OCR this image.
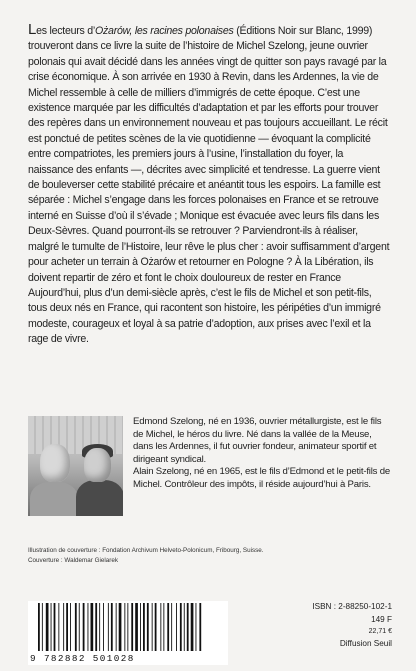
Les lecteurs d’Ożarów, les racines polonaises (Éditions Noir sur Blanc, 1999) trouveront dans ce livre la suite de l’histoire de Michel Szelong, jeune ouvrier polonais qui avait décidé dans les années vingt de quitter son pays ravagé par la crise économique. À son arrivée en 1930 à Revin, dans les Ardennes, la vie de Michel ressemble à celle de milliers d’immigrés de cette époque. C’est une existence marquée par les difficultés d’adaptation et par les efforts pour trouver des repères dans un environnement nouveau et pas toujours accueillant. Le récit est ponctué de petites scènes de la vie quotidienne — évoquant la complicité entre compatriotes, les premiers jours à l’usine, l’installation du foyer, la naissance des enfants —, décrites avec simplicité et tendresse. La guerre vient de bouleverser cette stabilité précaire et anéantit tous les espoirs. La famille est séparée : Michel s’engage dans les forces polonaises en France et se retrouve interné en Suisse d’où il s’évade ; Monique est évacuée avec leurs fils dans les Deux-Sèvres. Quand pourront-ils se retrouver ? Parviendront-ils à réaliser, malgré le tumulte de l’Histoire, leur rêve le plus cher : avoir suffisamment d’argent pour acheter un terrain à Ożarów et retourner en Pologne ? À la Libération, ils doivent repartir de zéro et font le choix douloureux de rester en France

Aujourd’hui, plus d’un demi-siècle après, c’est le fils de Michel et son petit-fils, tous deux nés en France, qui racontent son histoire, les péripéties d’un immigré modeste, courageux et loyal à sa patrie d’adoption, aux prises avec l’exil et la rage de vivre.

Edmond Szelong, né en 1936, ouvrier métallurgiste, est le fils de Michel, le héros du livre. Né dans la vallée de la Meuse, dans les Ardennes, il fut ouvrier fondeur, animateur sportif et dirigeant syndical.

Alain Szelong, né en 1965, est le fils d’Edmond et le petit-fils de Michel. Contrôleur des impôts, il réside aujourd’hui à Paris.

Illustration de couverture : Fondation Archivum Helveto-Polonicum, Fribourg, Suisse.
Couverture : Waldemar Gielarek
9 782882 501028
ISBN : 2-88250-102-1
149 F
22,71 €
Diffusion Seuil
